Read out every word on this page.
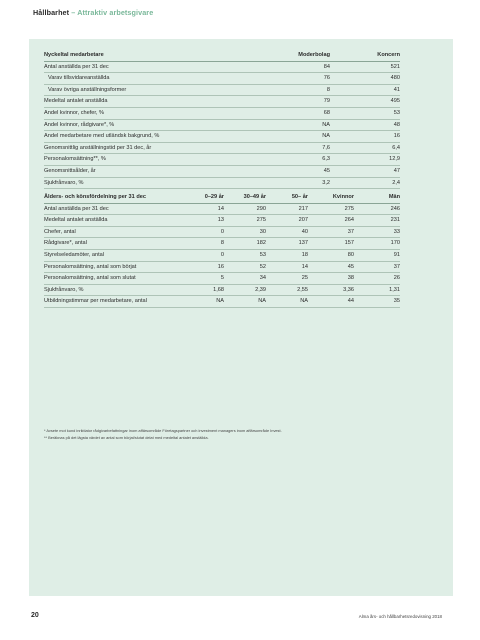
Hållbarhet – Attraktiv arbetsgivare
Nyckeltal medarbetare	Moderbolag	Koncern
Antal anställda per 31 dec	84	521
Varav tillsvidareanställda	76	480
Varav övriga anställningsformer	8	41
Medeltal antalet anställda	79	495
Andel kvinnor, chefer, %	68	53
Andel kvinnor, rådgivare*, %	NA	48
Andel medarbetare med utländsk bakgrund, %	NA	16
Genomsnittlig anställningstid per 31 dec, år	7,6	6,4
Personalomsättning**, %	6,3	12,9
Genomsnittsålder, år	45	47
Sjukfrånvaro, %	3,2	2,4
Ålders- och könsfördelning per 31 dec	0–29 år	30–49 år	50– år	Kvinnor	Män
Antal anställda per 31 dec	14	290	217	275	246
Medeltal antalet anställda	13	275	207	264	231
Chefer, antal	0	30	40	37	33
Rådgivare*, antal	8	182	137	157	170
Styrelseledamöter, antal	0	53	18	80	91
Personalomsättning, antal som börjat	16	52	14	45	37
Personalomsättning, antal som slutat	5	34	25	38	26
Sjukfrånvaro, %	1,68	2,39	2,55	3,36	1,31
Utbildningstimmar per medarbetare, antal	NA	NA	NA	44	35
* Avsete mot kund inriktiator rådgivarbefattningar inom affärsområde Företagspartner och investment managers inom affärsområde Invest.
** Beräknas på det lägsta värdet av antal som börjat/slutat delat med medeltal antalet anställda.
20	Alma års- och hållbarhetsredovisning 2018
